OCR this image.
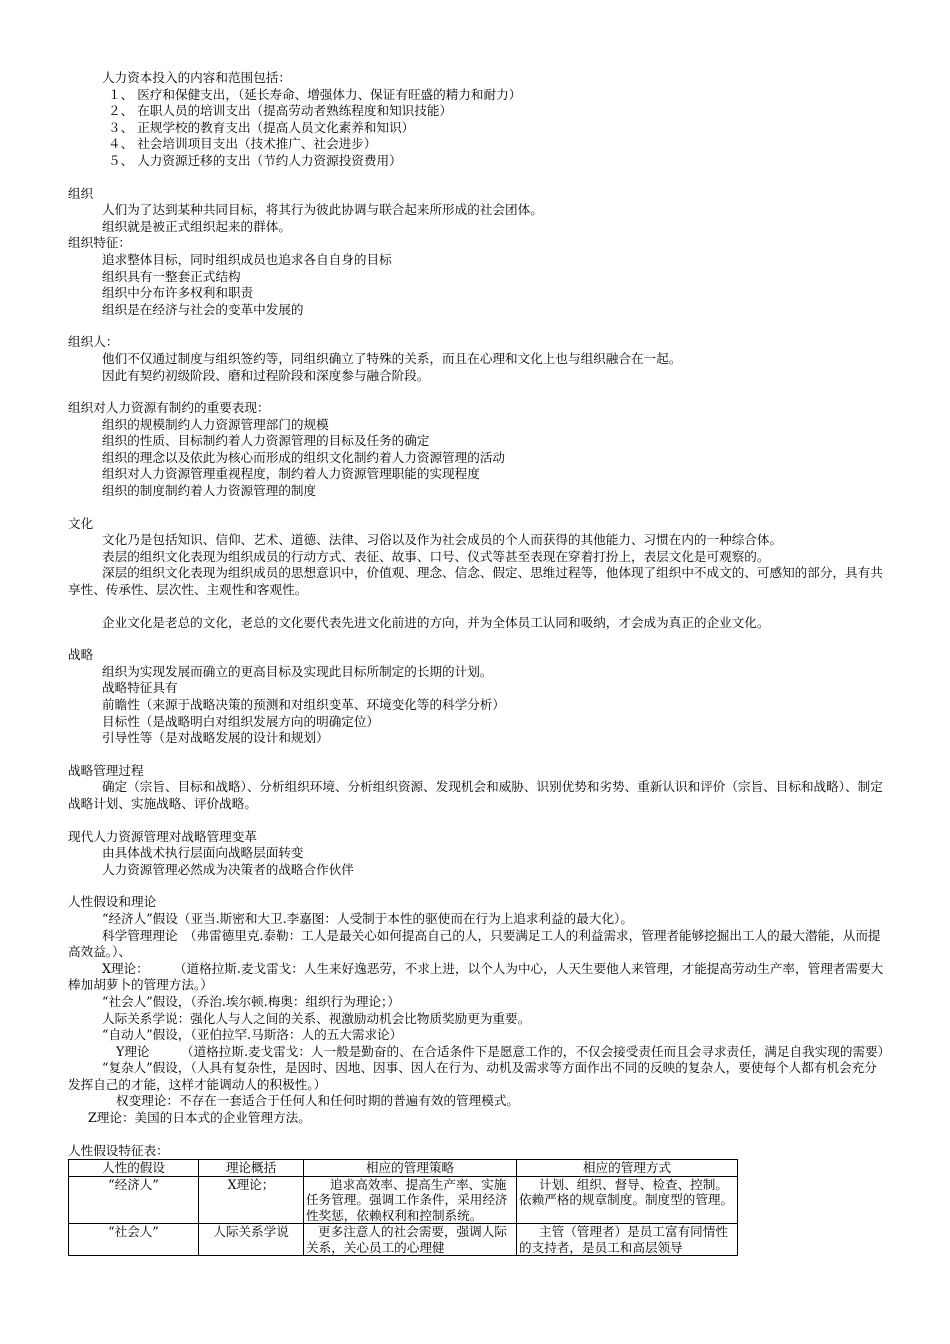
人力资本投入的内容和范围包括：
１、 医疗和保健支出，（延长寿命、增强体力、保证有旺盛的精力和耐力）
２、 在职人员的培训支出（提高劳动者熟练程度和知识技能）
３、 正规学校的教育支出（提高人员文化素养和知识）
４、 社会培训项目支出（技术推广、社会进步）
５、 人力资源迁移的支出（节约人力资源投资费用）
组织
人们为了达到某种共同目标，将其行为彼此协调与联合起来所形成的社会团体。
组织就是被正式组织起来的群体。
组织特征：
追求整体目标，同时组织成员也追求各自自身的目标
组织具有一整套正式结构
组织中分布许多权利和职责
组织是在经济与社会的变革中发展的
组织人：
他们不仅通过制度与组织签约等，同组织确立了特殊的关系，而且在心理和文化上也与组织融合在一起。
因此有契约初级阶段、磨和过程阶段和深度参与融合阶段。
组织对人力资源有制约的重要表现：
组织的规模制约人力资源管理部门的规模
组织的性质、目标制约着人力资源管理的目标及任务的确定
组织的理念以及依此为核心而形成的组织文化制约着人力资源管理的活动
组织对人力资源管理重视程度，制约着人力资源管理职能的实现程度
组织的制度制约着人力资源管理的制度
文化
文化乃是包括知识、信仰、艺术、道德、法律、习俗以及作为社会成员的个人而获得的其他能力、习惯在内的一种综合体。
表层的组织文化表现为组织成员的行动方式、表征、故事、口号、仪式等甚至表现在穿着打扮上，表层文化是可观察的。
深层的组织文化表现为组织成员的思想意识中，价值观、理念、信念、假定、思维过程等，他体现了组织中不成文的、可感知的部分，具有共享性、传承性、层次性、主观性和客观性。
企业文化是老总的文化，老总的文化要代表先进文化前进的方向，并为全体员工认同和吸纳，才会成为真正的企业文化。
战略
组织为实现发展而确立的更高目标及实现此目标所制定的长期的计划。
战略特征具有
前瞻性（来源于战略决策的预测和对组织变革、环境变化等的科学分析）
目标性（是战略明白对组织发展方向的明确定位）
引导性等（是对战略发展的设计和规划）
战略管理过程
确定（宗旨、目标和战略）、分析组织环境、分析组织资源、发现机会和威胁、识别优势和劣势、重新认识和评价（宗旨、目标和战略）、制定战略计划、实施战略、评价战略。
现代人力资源管理对战略管理变革
由具体战术执行层面向战略层面转变
人力资源管理必然成为决策者的战略合作伙伴
人性假设和理论
“经济人”假设（亚当.斯密和大卫.李嘉图：人受制于本性的驱使而在行为上追求利益的最大化）。
科学管理理论　（弗雷德里克.泰勒：工人是最关心如何提高自己的人，只要满足工人的利益需求，管理者能够挖掘出工人的最大潜能，从而提高效益。）、
X理论：　　　（道格拉斯.麦戈雷戈：人生来好逸恶劳，不求上进，以个人为中心，人天生要他人来管理，才能提高劳动生产率，管理者需要大棒加胡萝卜的管理方法。）
“社会人”假设，（乔治.埃尔顿.梅奥：组织行为理论；）
人际关系学说：强化人与人之间的关系、视激励动机会比物质奖励更为重要。
“自动人”假设，（亚伯拉罕.马斯洛：人的五大需求论）
Y理论　　　（道格拉斯.麦戈雷戈：人一般是勤奋的、在合适条件下是愿意工作的，不仅会接受责任而且会寻求责任，满足自我实现的需要）
“复杂人”假设，（人具有复杂性，是因时、因地、因事、因人在行为、动机及需求等方面作出不同的反映的复杂人，要使每个人都有机会充分发挥自己的才能，这样才能调动人的积极性。）
权变理论：不存在一套适合于任何人和任何时期的普遍有效的管理模式。
Z理论：美国的日本式的企业管理方法。
人性假设特征表：
人性的假设	理论概括	相应的管理策略	相应的管理方式
“经济人”	X理论；	追求高效率、提高生产率、实施任务管理。强调工作条件，采用经济性奖惩，依赖权利和控制系统。	计划、组织、督导、检查、控制。依赖严格的规章制度。制度型的管理。
“社会人”	人际关系学说	更多注意人的社会需要，强调人际关系，关心员工的心理健	主管（管理者）是员工富有同情性的支持者，是员工和高层领导
